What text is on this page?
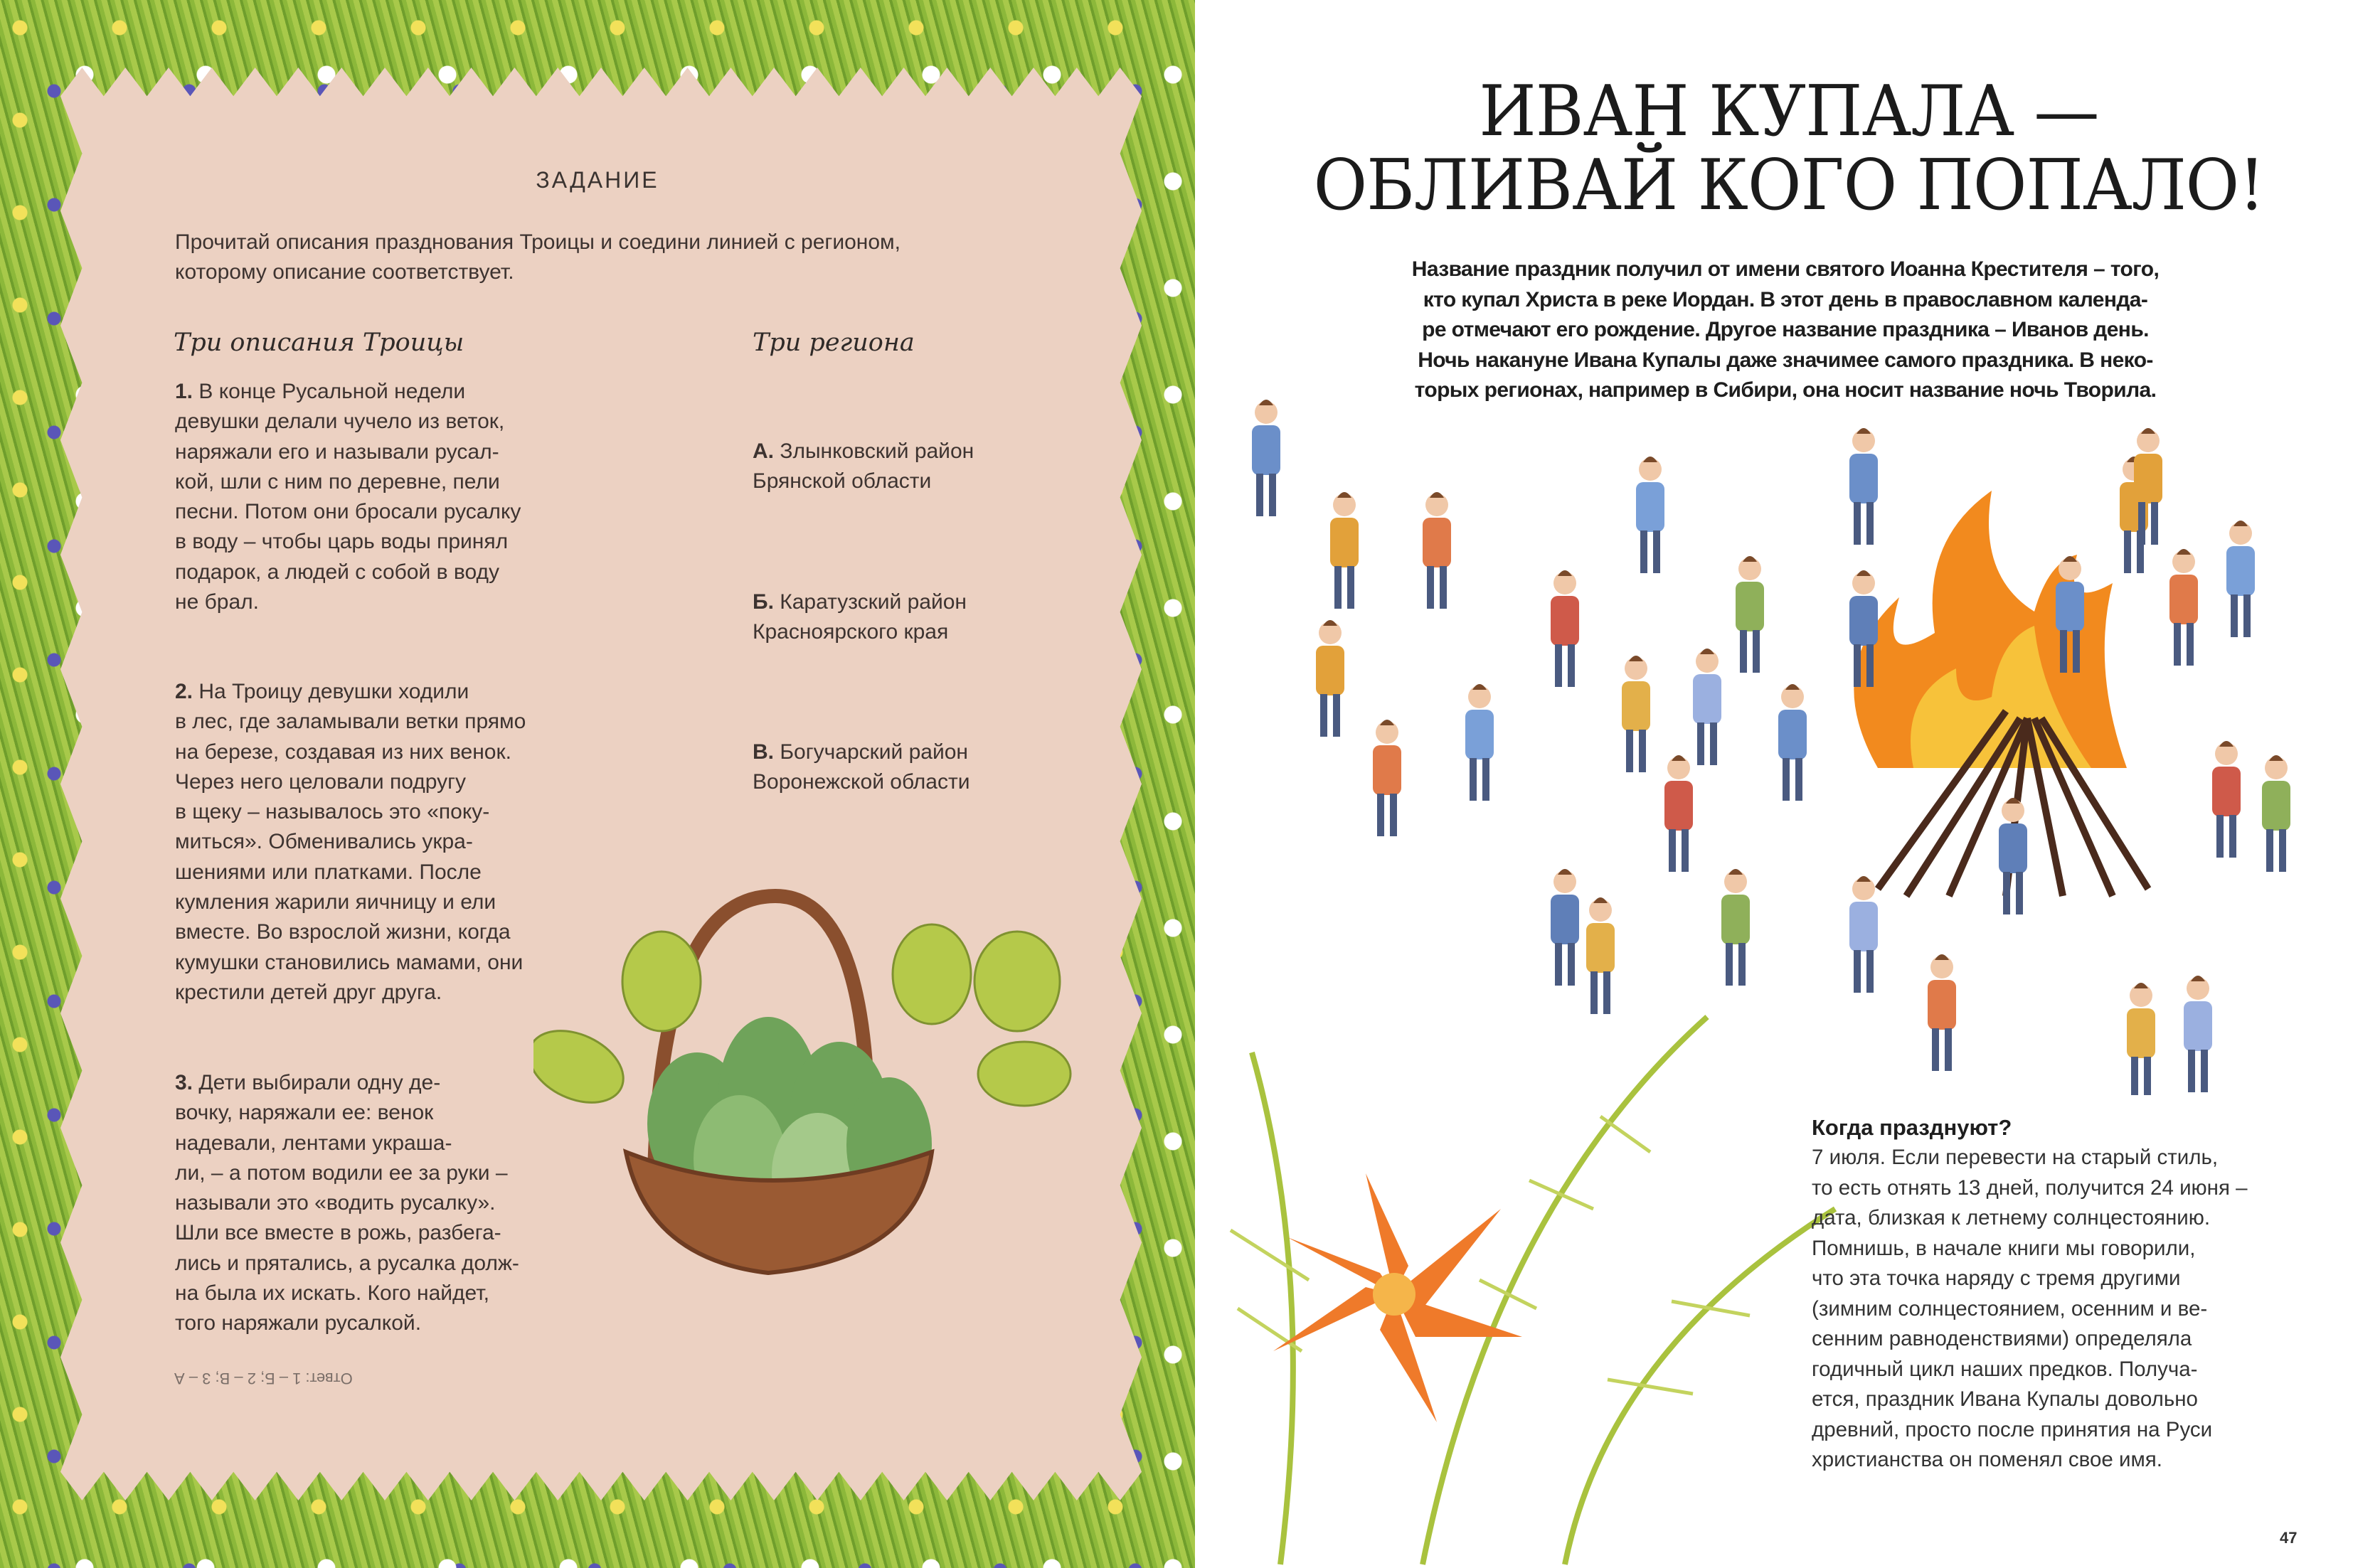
ЗАДАНИЕ
Прочитай описания празднования Троицы и соедини линией с регионом,
которому описание соответствует.
Три описания Троицы	Три региона
1. В конце Русальной недели
девушки делали чучело из веток,
наряжали его и называли русал-
кой, шли с ним по деревне, пели
песни. Потом они бросали русалку
в воду – чтобы царь воды принял
подарок, а людей с собой в воду
не брал.
2. На Троицу девушки ходили
в лес, где заламывали ветки прямо
на березе, создавая из них венок.
Через него целовали подругу
в щеку – называлось это «поку-
миться». Обменивались укра-
шениями или платками. После
кумления жарили яичницу и ели
вместе. Во взрослой жизни, когда
кумушки становились мамами, они
крестили детей друг друга.
3. Дети выбирали одну де-
вочку, наряжали ее: венок
надевали, лентами украша-
ли, – а потом водили ее за руки –
называли это «водить русалку».
Шли все вместе в рожь, разбега-
лись и прятались, а русалка долж-
на была их искать. Кого найдет,
того наряжали русалкой.
А. Злынковский район
Брянской области
Б. Каратузский район
Красноярского края
В. Богучарский район
Воронежской области
Ответ: 1 – Б; 2 – В; 3 – А
ИВАН КУПАЛА —
ОБЛИВАЙ КОГО ПОПАЛО!
Название праздник получил от имени святого Иоанна Крестителя – того,
кто купал Христа в реке Иордан. В этот день в православном календа-
ре отмечают его рождение. Другое название праздника – Иванов день.
Ночь накануне Ивана Купалы даже значимее самого праздника. В неко-
торых регионах, например в Сибири, она носит название ночь Творила.
Когда празднуют?

7 июля. Если перевести на старый стиль,
то есть отнять 13 дней, получится 24 июня –
дата, близкая к летнему солнцестоянию.
Помнишь, в начале книги мы говорили,
что эта точка наряду с тремя другими
(зимним солнцестоянием, осенним и ве-
сенним равноденствиями) определяла
годичный цикл наших предков. Получа-
ется, праздник Ивана Купалы довольно
древний, просто после принятия на Руси
христианства он поменял свое имя.

47
